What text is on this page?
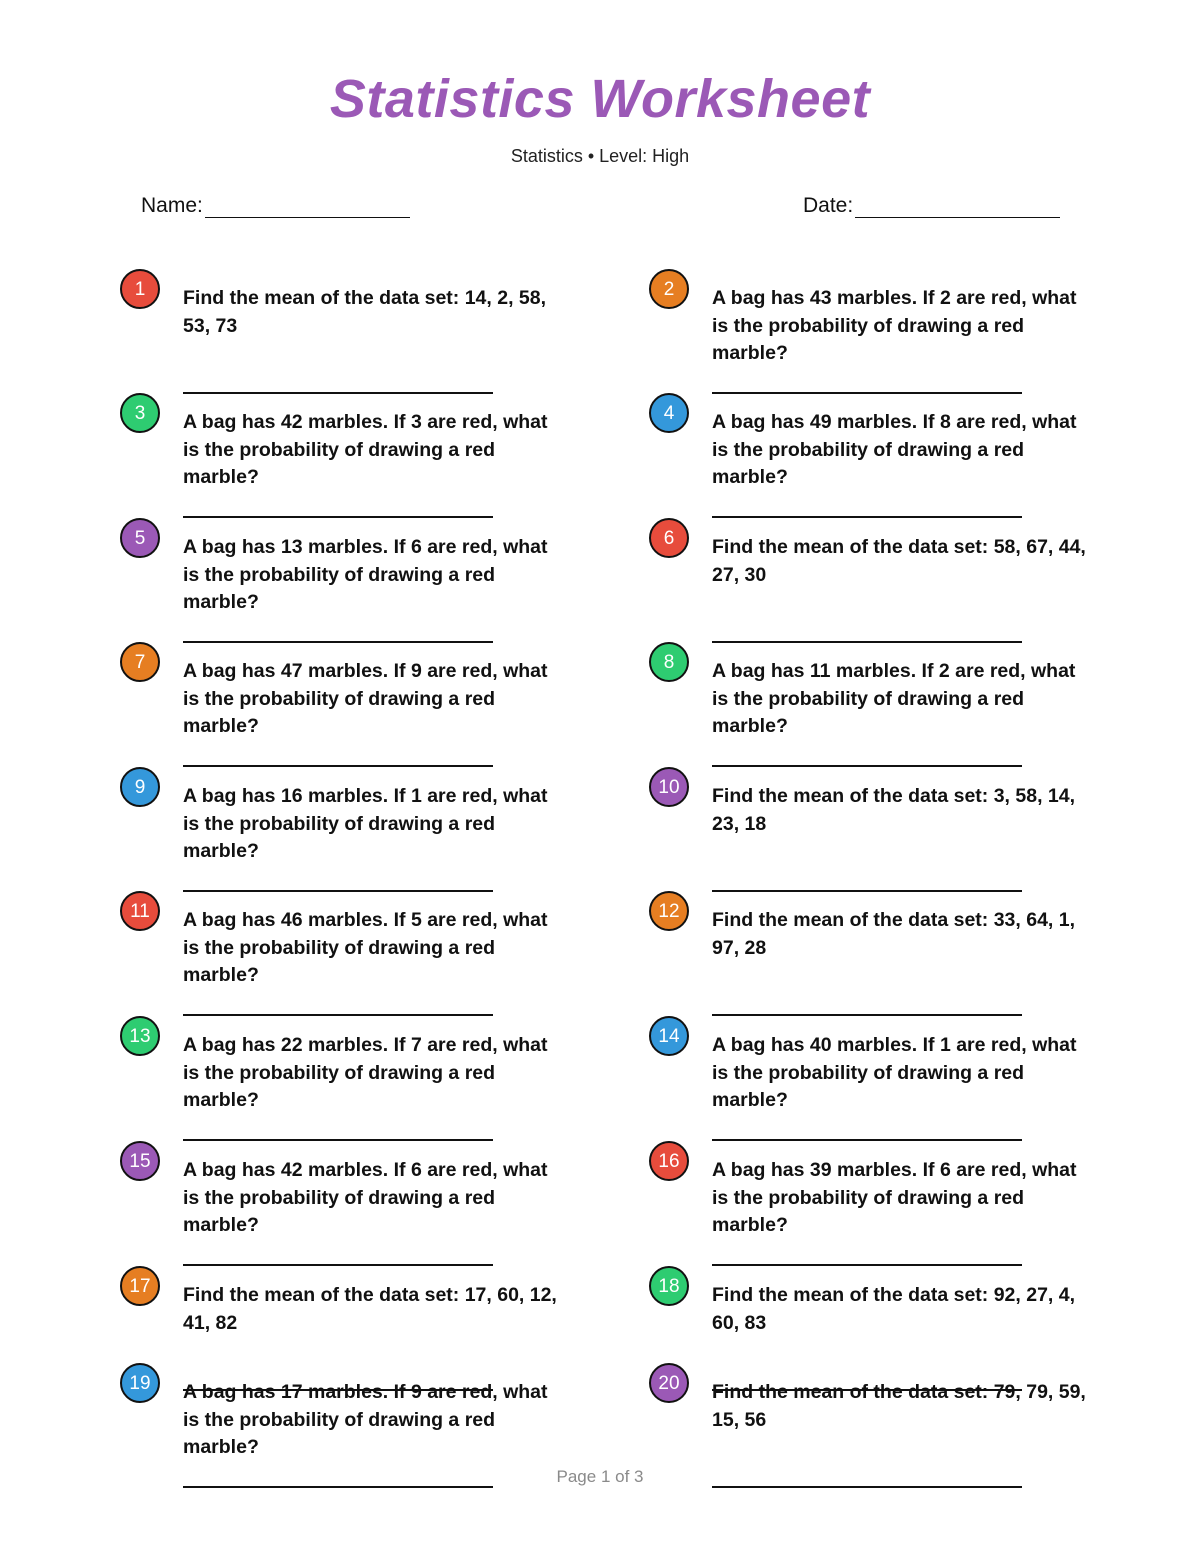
Statistics Worksheet
Statistics • Level: High
Name:	Date:
1	Find the mean of the data set: 14, 2, 58, 53, 73
2	A bag has 43 marbles. If 2 are red, what is the probability of drawing a red marble?
3	A bag has 42 marbles. If 3 are red, what is the probability of drawing a red marble?
4	A bag has 49 marbles. If 8 are red, what is the probability of drawing a red marble?
5	A bag has 13 marbles. If 6 are red, what is the probability of drawing a red marble?
6	Find the mean of the data set: 58, 67, 44, 27, 30
7	A bag has 47 marbles. If 9 are red, what is the probability of drawing a red marble?
8	A bag has 11 marbles. If 2 are red, what is the probability of drawing a red marble?
9	A bag has 16 marbles. If 1 are red, what is the probability of drawing a red marble?
10	Find the mean of the data set: 3, 58, 14, 23, 18
11	A bag has 46 marbles. If 5 are red, what is the probability of drawing a red marble?
12	Find the mean of the data set: 33, 64, 1, 97, 28
13	A bag has 22 marbles. If 7 are red, what is the probability of drawing a red marble?
14	A bag has 40 marbles. If 1 are red, what is the probability of drawing a red marble?
15	A bag has 42 marbles. If 6 are red, what is the probability of drawing a red marble?
16	A bag has 39 marbles. If 6 are red, what is the probability of drawing a red marble?
17	Find the mean of the data set: 17, 60, 12, 41, 82
18	Find the mean of the data set: 92, 27, 4, 60, 83
19	A bag has 17 marbles. If 9 are red, what is the probability of drawing a red marble?
20	Find the mean of the data set: 79, 79, 59, 15, 56
Page 1 of 3
